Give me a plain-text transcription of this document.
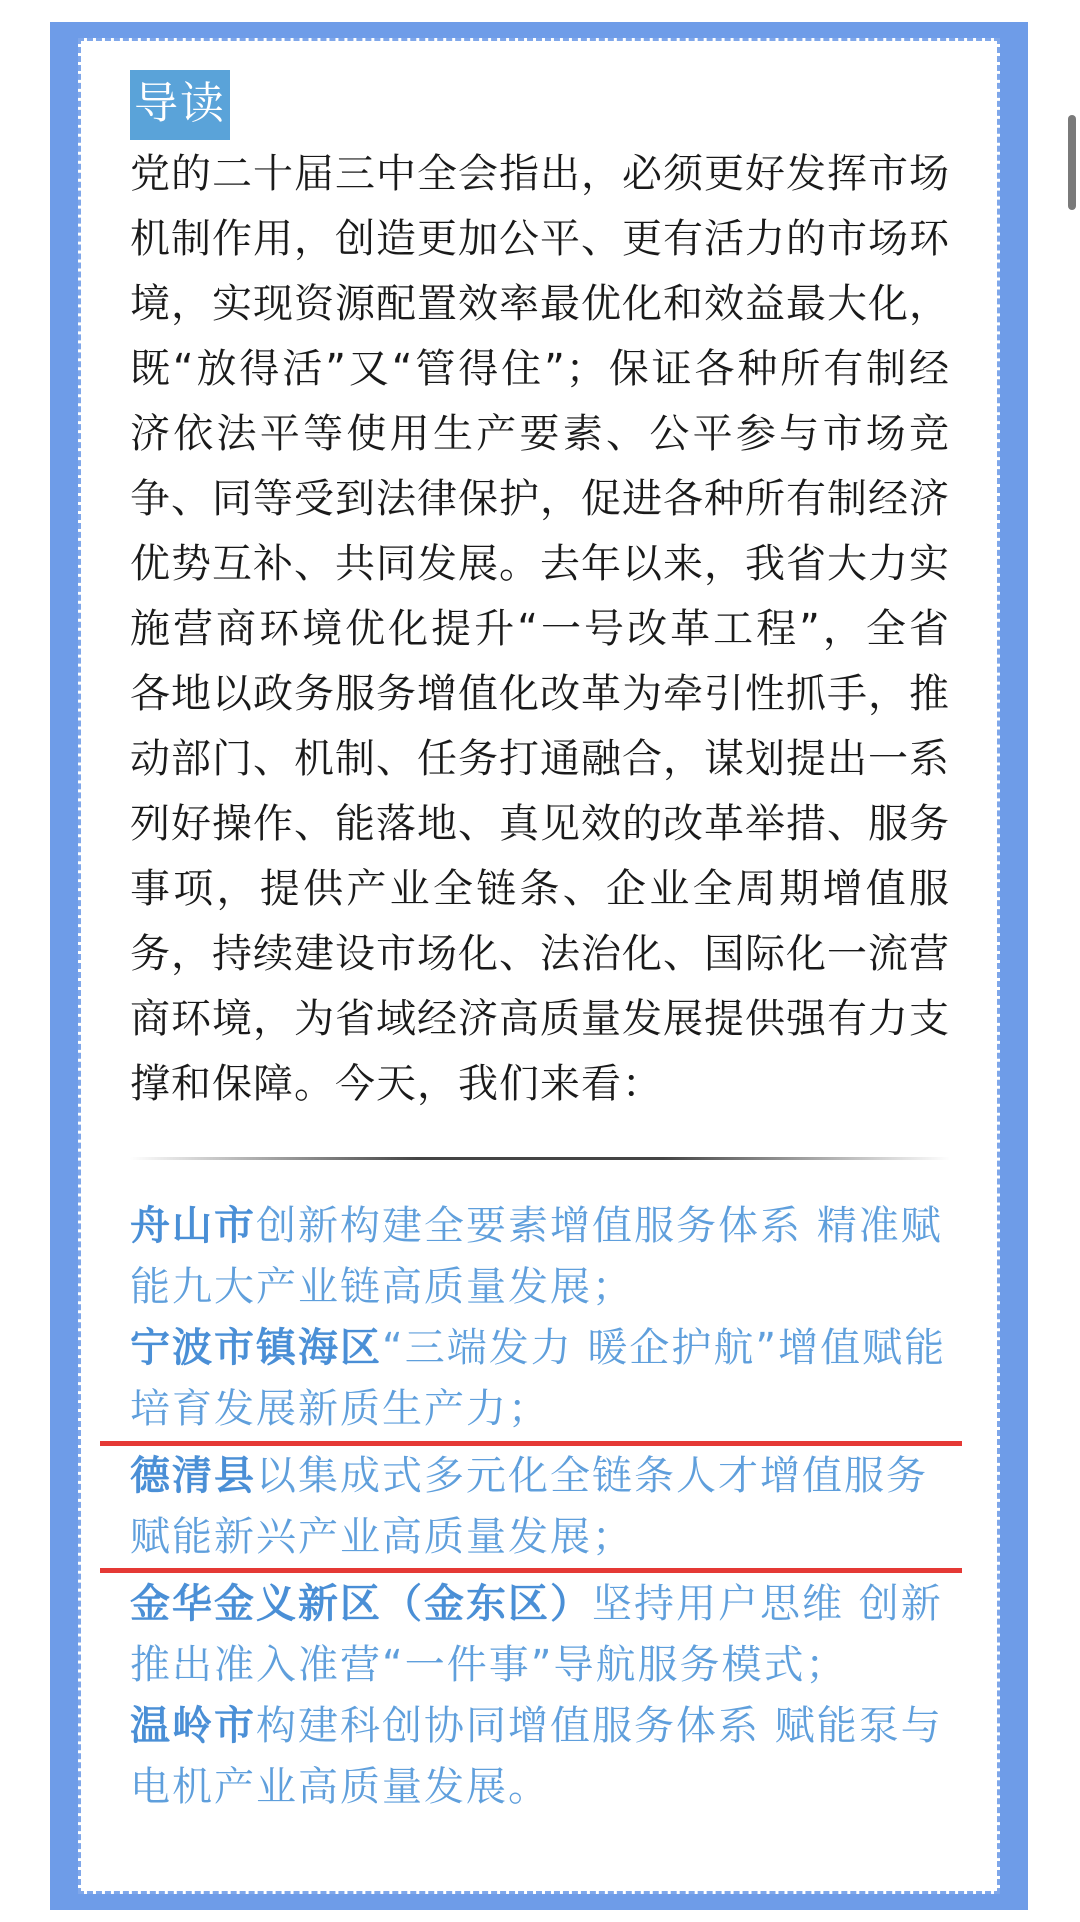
导读
党的二十届三中全会指出，必须更好发挥市场机制作用，创造更加公平、更有活力的市场环境，实现资源配置效率最优化和效益最大化，既“放得活”又“管得住”；保证各种所有制经济依法平等使用生产要素、公平参与市场竞争、同等受到法律保护，促进各种所有制经济优势互补、共同发展。去年以来，我省大力实施营商环境优化提升“一号改革工程”，全省各地以政务服务增值化改革为牵引性抓手，推动部门、机制、任务打通融合，谋划提出一系列好操作、能落地、真见效的改革举措、服务事项，提供产业全链条、企业全周期增值服务，持续建设市场化、法治化、国际化一流营商环境，为省域经济高质量发展提供强有力支撑和保障。今天，我们来看：
舟山市创新构建全要素增值服务体系 精准赋能九大产业链高质量发展；
宁波市镇海区“三端发力 暖企护航”增值赋能培育发展新质生产力；
德清县以集成式多元化全链条人才增值服务 赋能新兴产业高质量发展；
金华金义新区（金东区）坚持用户思维 创新推出准入准营“一件事”导航服务模式；
温岭市构建科创协同增值服务体系 赋能泵与电机产业高质量发展。
